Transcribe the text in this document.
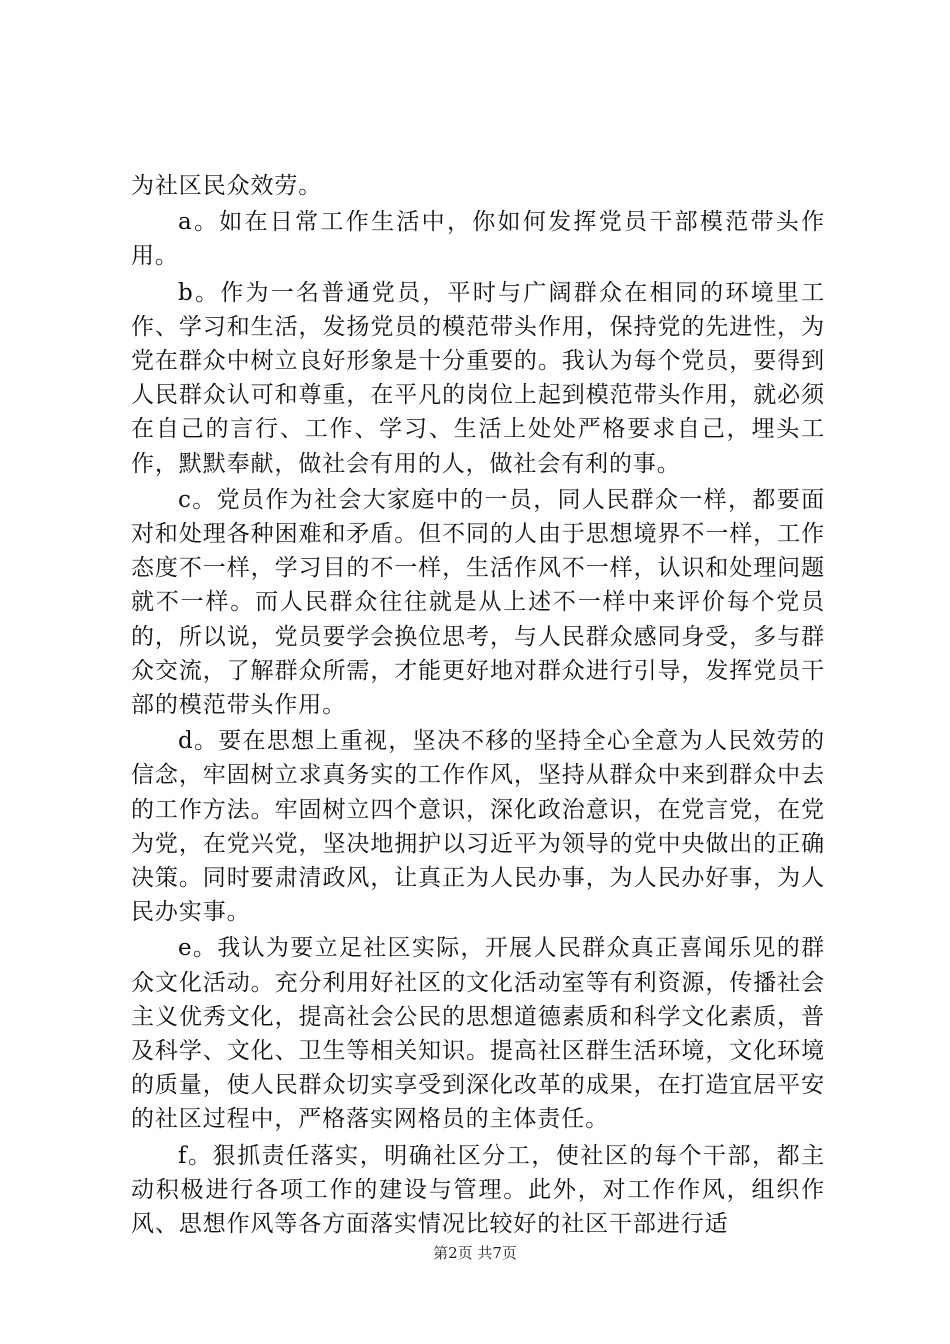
为社区民众效劳。

a。如在日常工作生活中，你如何发挥党员干部模范带头作用。

b。作为一名普通党员，平时与广阔群众在相同的环境里工作、学习和生活，发扬党员的模范带头作用，保持党的先进性，为党在群众中树立良好形象是十分重要的。我认为每个党员，要得到人民群众认可和尊重，在平凡的岗位上起到模范带头作用，就必须在自己的言行、工作、学习、生活上处处严格要求自己，埋头工作，默默奉献，做社会有用的人，做社会有利的事。

c。党员作为社会大家庭中的一员，同人民群众一样，都要面对和处理各种困难和矛盾。但不同的人由于思想境界不一样，工作态度不一样，学习目的不一样，生活作风不一样，认识和处理问题就不一样。而人民群众往往就是从上述不一样中来评价每个党员的，所以说，党员要学会换位思考，与人民群众感同身受，多与群众交流，了解群众所需，才能更好地对群众进行引导，发挥党员干部的模范带头作用。

d。要在思想上重视，坚决不移的坚持全心全意为人民效劳的信念，牢固树立求真务实的工作作风，坚持从群众中来到群众中去的工作方法。牢固树立四个意识，深化政治意识，在党言党，在党为党，在党兴党，坚决地拥护以习近平为领导的党中央做出的正确决策。同时要肃清政风，让真正为人民办事，为人民办好事，为人民办实事。

e。我认为要立足社区实际，开展人民群众真正喜闻乐见的群众文化活动。充分利用好社区的文化活动室等有利资源，传播社会主义优秀文化，提高社会公民的思想道德素质和科学文化素质，普及科学、文化、卫生等相关知识。提高社区群生活环境，文化环境的质量，使人民群众切实享受到深化改革的成果，在打造宜居平安的社区过程中，严格落实网格员的主体责任。

f。狠抓责任落实，明确社区分工，使社区的每个干部，都主动积极进行各项工作的建设与管理。此外，对工作作风，组织作风、思想作风等各方面落实情况比较好的社区干部进行适

第2页 共7页
